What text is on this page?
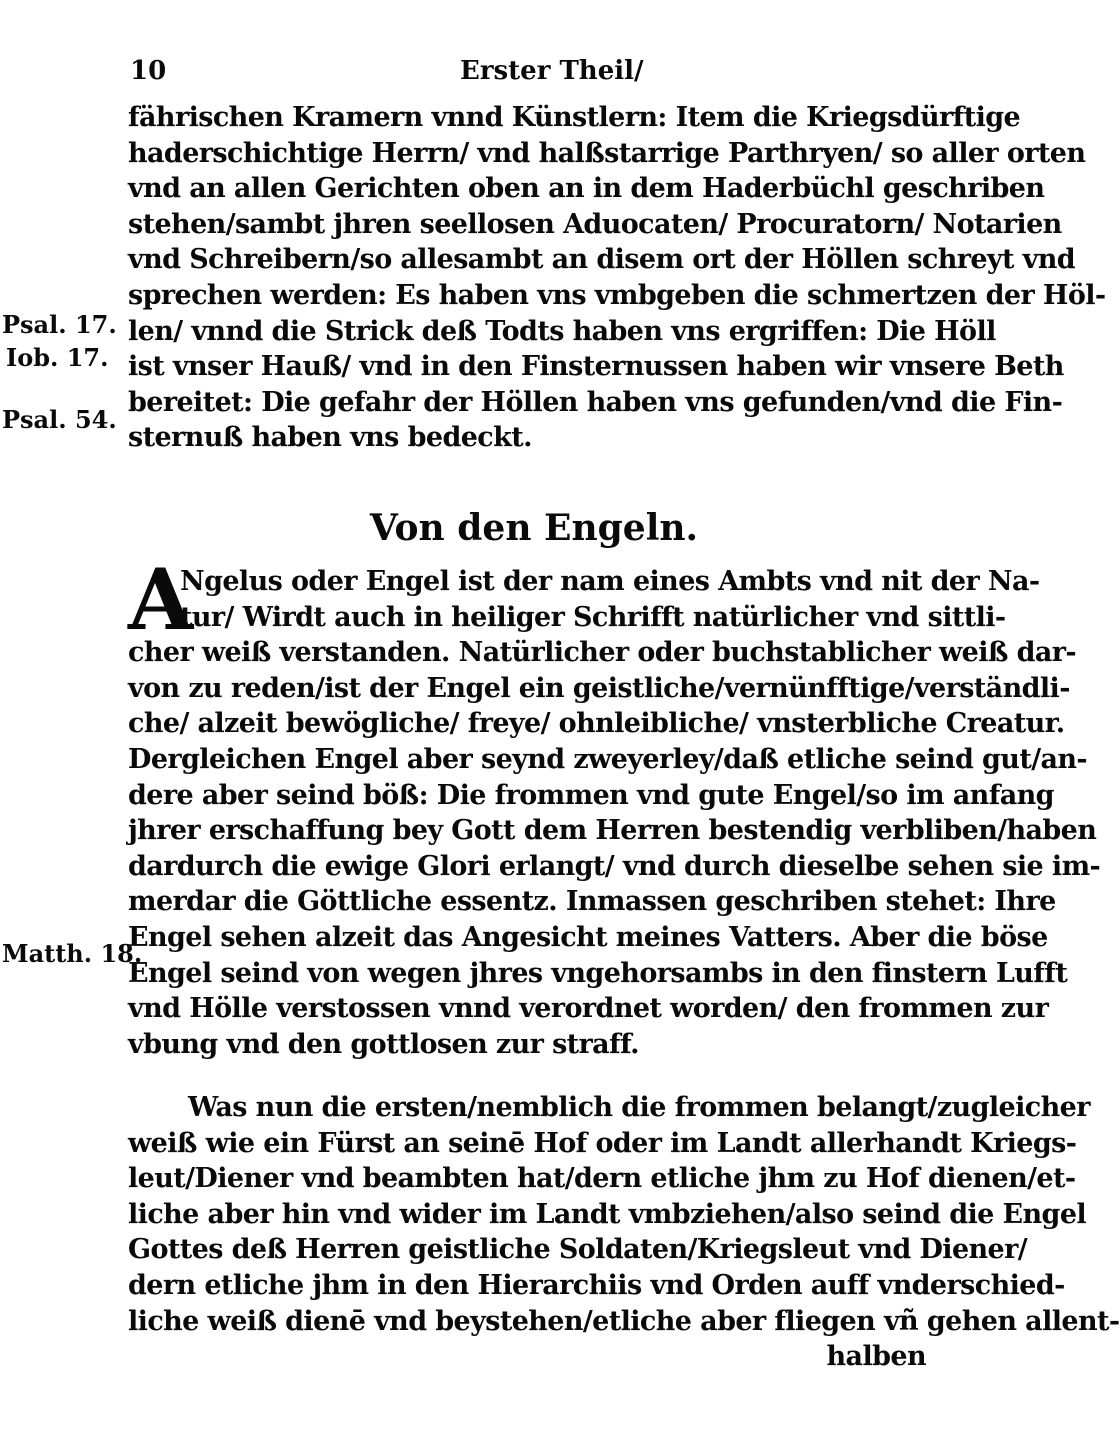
10	Erster Theil/
Psal. 17.
Iob. 17.
Psal. 54.
Matth. 18.
fährischen Kramern vnnd Künstlern: Item die Kriegsdürftige
haderschichtige Herrn/ vnd halßstarrige Parthryen/ so aller orten
vnd an allen Gerichten oben an in dem Haderbüchl geschriben
stehen/sambt jhren seellosen Aduocaten/ Procuratorn/ Notarien
vnd Schreibern/so allesambt an disem ort der Höllen schreyt vnd
sprechen werden: Es haben vns vmbgeben die schmertzen der Höl-
len/ vnnd die Strick deß Todts haben vns ergriffen: Die Höll
ist vnser Hauß/ vnd in den Finsternussen haben wir vnsere Beth
bereitet: Die gefahr der Höllen haben vns gefunden/vnd die Fin-
sternuß haben vns bedeckt.
Von den Engeln.
A
Ngelus oder Engel ist der nam eines Ambts vnd nit der Na-
tur/ Wirdt auch in heiliger Schrifft natürlicher vnd sittli-
cher weiß verstanden. Natürlicher oder buchstablicher weiß dar-
von zu reden/ist der Engel ein geistliche/vernünfftige/verständli-
che/ alzeit bewögliche/ freye/ ohnleibliche/ vnsterbliche Creatur.
Dergleichen Engel aber seynd zweyerley/daß etliche seind gut/an-
dere aber seind böß: Die frommen vnd gute Engel/so im anfang
jhrer erschaffung bey Gott dem Herren bestendig verbliben/haben
dardurch die ewige Glori erlangt/ vnd durch dieselbe sehen sie im-
merdar die Göttliche essentz. Inmassen geschriben stehet: Ihre
Engel sehen alzeit das Angesicht meines Vatters. Aber die böse
Engel seind von wegen jhres vngehorsambs in den finstern Lufft
vnd Hölle verstossen vnnd verordnet worden/ den frommen zur
vbung vnd den gottlosen zur straff.
Was nun die ersten/nemblich die frommen belangt/zugleicher
weiß wie ein Fürst an seinē Hof oder im Landt allerhandt Kriegs-
leut/Diener vnd beambten hat/dern etliche jhm zu Hof dienen/et-
liche aber hin vnd wider im Landt vmbziehen/also seind die Engel
Gottes deß Herren geistliche Soldaten/Kriegsleut vnd Diener/
dern etliche jhm in den Hierarchiis vnd Orden auff vnderschied-
liche weiß dienē vnd beystehen/etliche aber fliegen vñ gehen allent-
halben
